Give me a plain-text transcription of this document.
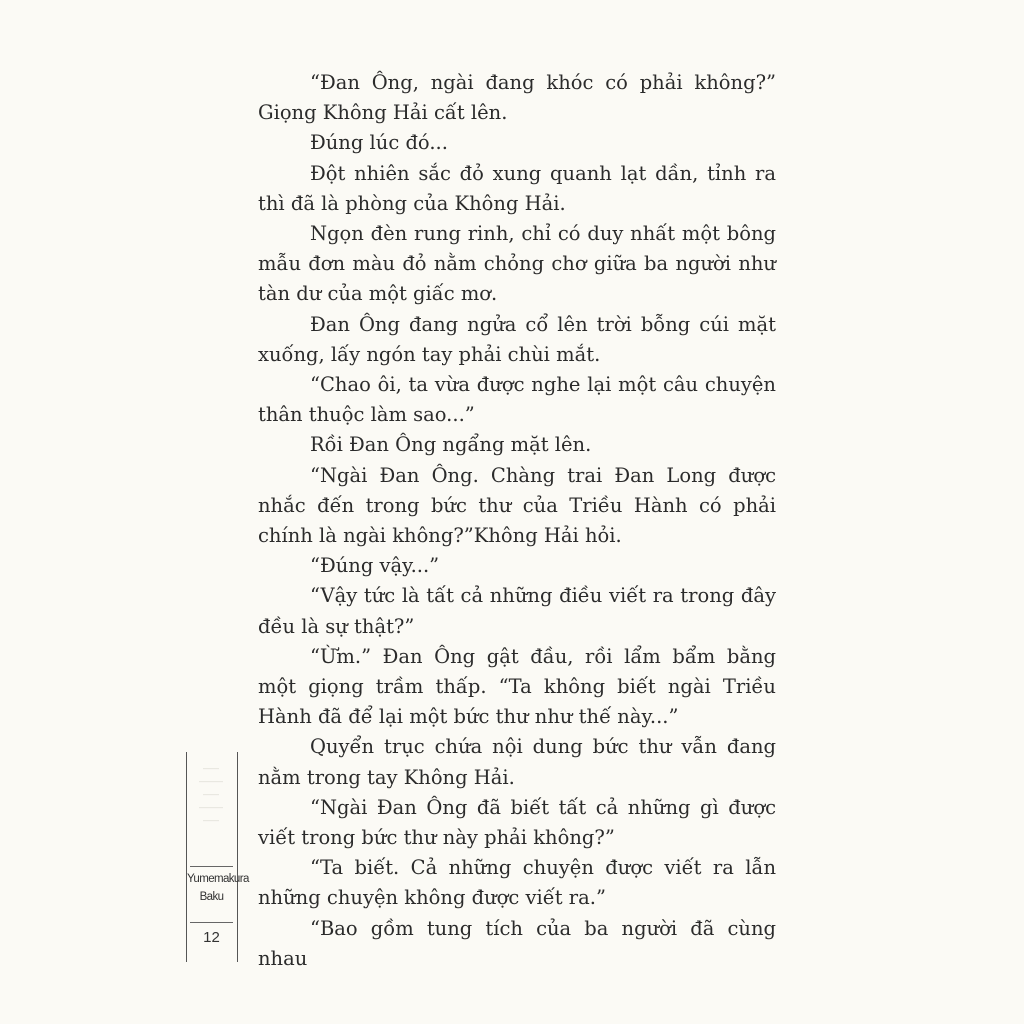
“Đan Ông, ngài đang khóc có phải không?” Giọng Không Hải cất lên.

Đúng lúc đó...

Đột nhiên sắc đỏ xung quanh lạt dần, tỉnh ra thì đã là phòng của Không Hải.

Ngọn đèn rung rinh, chỉ có duy nhất một bông mẫu đơn màu đỏ nằm chỏng chơ giữa ba người như tàn dư của một giấc mơ.

Đan Ông đang ngửa cổ lên trời bỗng cúi mặt xuống, lấy ngón tay phải chùi mắt.

“Chao ôi, ta vừa được nghe lại một câu chuyện thân thuộc làm sao...”

Rồi Đan Ông ngẩng mặt lên.

“Ngài Đan Ông. Chàng trai Đan Long được nhắc đến trong bức thư của Triều Hành có phải chính là ngài không?”Không Hải hỏi.

“Đúng vậy...”

“Vậy tức là tất cả những điều viết ra trong đây đều là sự thật?”

“Ừm.” Đan Ông gật đầu, rồi lẩm bẩm bằng một giọng trầm thấp. “Ta không biết ngài Triều Hành đã để lại một bức thư như thế này...”

Quyển trục chứa nội dung bức thư vẫn đang nằm trong tay Không Hải.

“Ngài Đan Ông đã biết tất cả những gì được viết trong bức thư này phải không?”

“Ta biết. Cả những chuyện được viết ra lẫn những chuyện không được viết ra.”

“Bao gồm tung tích của ba người đã cùng nhau

——
———
——
———
——
Yumemakura
Baku
12
